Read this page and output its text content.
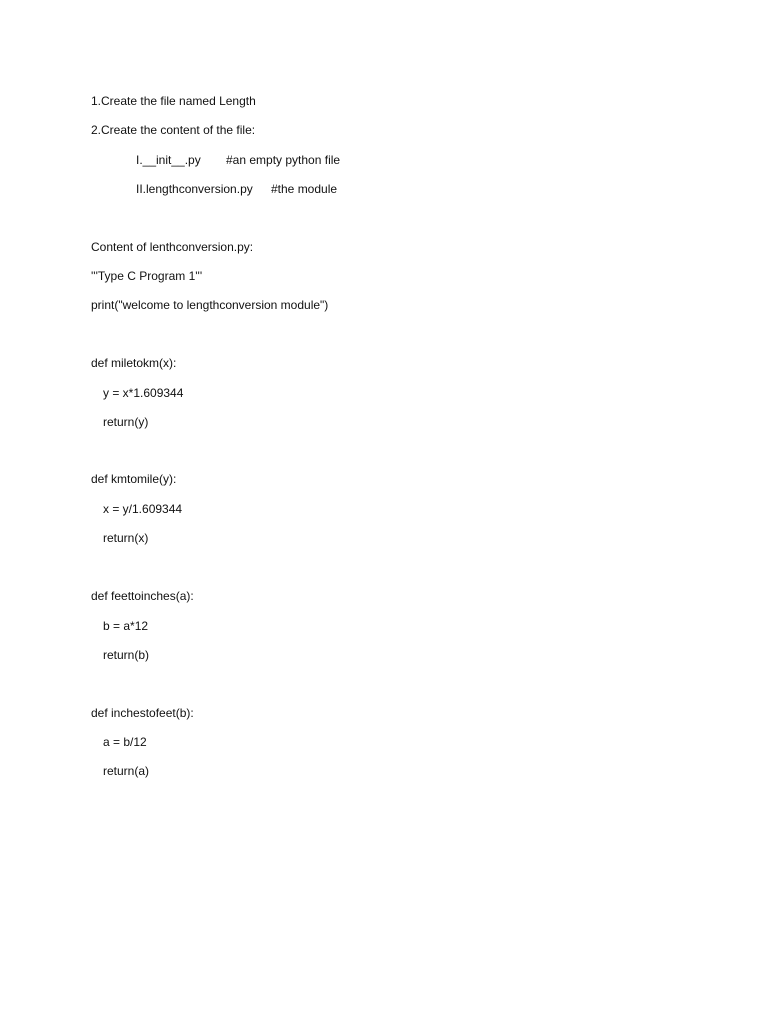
1.Create the file named Length
2.Create the content of the file:
I.__init__.py #an empty python file
II.lengthconversion.py #the module
Content of lenthconversion.py:
'''Type C Program 1'''
print("welcome to lengthconversion module")
def miletokm(x):
y = x*1.609344
return(y)
def kmtomile(y):
x = y/1.609344
return(x)
def feettoinches(a):
b = a*12
return(b)
def inchestofeet(b):
a = b/12
return(a)
